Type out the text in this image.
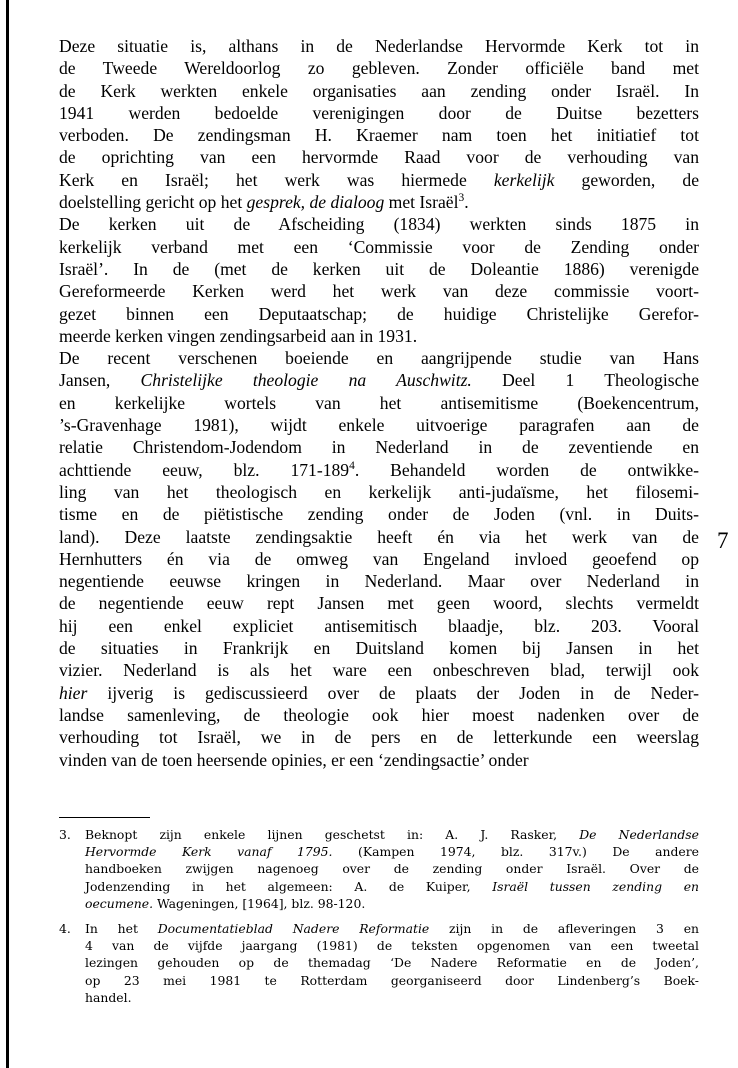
Deze situatie is, althans in de Nederlandse Hervormde Kerk tot in
de Tweede Wereldoorlog zo gebleven. Zonder officiële band met
de Kerk werkten enkele organisaties aan zending onder Israël. In
1941 werden bedoelde verenigingen door de Duitse bezetters
verboden. De zendingsman H. Kraemer nam toen het initiatief tot
de oprichting van een hervormde Raad voor de verhouding van
Kerk en Israël; het werk was hiermede kerkelijk geworden, de
doelstelling gericht op het gesprek, de dialoog met Israël$^3$.
De kerken uit de Afscheiding (1834) werkten sinds 1875 in
kerkelijk verband met een ‘Commissie voor de Zending onder
Israël’. In de (met de kerken uit de Doleantie 1886) verenigde
Gereformeerde Kerken werd het werk van deze commissie voort-
gezet binnen een Deputaatschap; de huidige Christelijke Gerefor-
meerde kerken vingen zendingsarbeid aan in 1931.
De recent verschenen boeiende en aangrijpende studie van Hans
Jansen, Christelijke theologie na Auschwitz. Deel 1 Theologische
en kerkelijke wortels van het antisemitisme (Boekencentrum,
’s-Gravenhage 1981), wijdt enkele uitvoerige paragrafen aan de
relatie Christendom-Jodendom in Nederland in de zeventiende en
achttiende eeuw, blz. $171-189^4$. Behandeld worden de ontwikke-
ling van het theologisch en kerkelijk anti-judaïsme, het filosemi-
tisme en de piëtistische zending onder de Joden (vnl. in Duits-
land). Deze laatste zendingsaktie heeft én via het werk van de
Hernhutters én via de omweg van Engeland invloed geoefend op
negentiende eeuwse kringen in Nederland. Maar over Nederland in
de negentiende eeuw rept Jansen met geen woord, slechts vermeldt
hij een enkel expliciet antisemitisch blaadje, blz. 203. Vooral
de situaties in Frankrijk en Duitsland komen bij Jansen in het
vizier. Nederland is als het ware een onbeschreven blad, terwijl ook
hier ijverig is gediscussieerd over de plaats der Joden in de Neder-
landse samenleving, de theologie ook hier moest nadenken over de
verhouding tot Israël, we in de pers en de letterkunde een weerslag
vinden van de toen heersende opinies, er een ‘zendingsactie’ onder
3.	Beknopt zijn enkele lijnen geschetst in: A. J. Rasker, De Nederlandse
Hervormde Kerk vanaf 1795. (Kampen 1974, blz. 317v.) De andere
handboeken zwijgen nagenoeg over de zending onder Israël. Over de
Jodenzending in het algemeen: A. de Kuiper, Israël tussen zending en
oecumene. Wageningen, [1964], blz. 98-120.
4.	In het Documentatieblad Nadere Reformatie zijn in de afleveringen 3 en
4 van de vijfde jaargang (1981) de teksten opgenomen van een tweetal
lezingen gehouden op de themadag ‘De Nadere Reformatie en de Joden’,
op 23 mei 1981 te Rotterdam georganiseerd door Lindenberg’s Boek-
handel.
7
